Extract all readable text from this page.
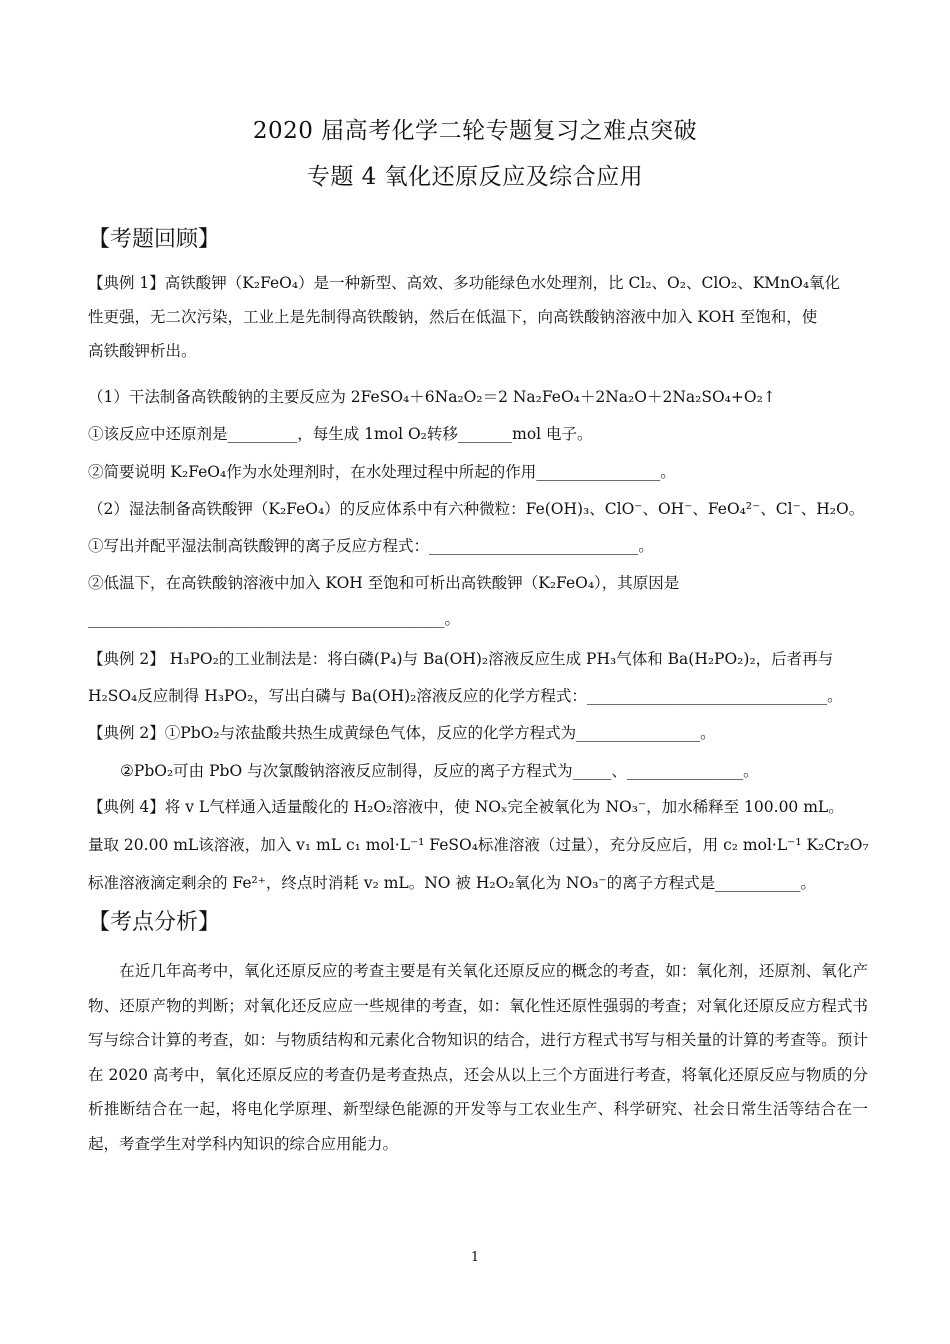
2020 届高考化学二轮专题复习之难点突破
专题 4 氧化还原反应及综合应用
【考题回顾】
【典例 1】高铁酸钾（K₂FeO₄）是一种新型、高效、多功能绿色水处理剂，比 Cl₂、O₂、ClO₂、KMnO₄氧化
性更强，无二次污染，工业上是先制得高铁酸钠，然后在低温下，向高铁酸钠溶液中加入 KOH 至饱和，使
高铁酸钾析出。
（1）干法制备高铁酸钠的主要反应为 2FeSO₄＋6Na₂O₂＝2 Na₂FeO₄＋2Na₂O＋2Na₂SO₄+O₂↑
①该反应中还原剂是_________，每生成 1mol O₂转移_______mol 电子。
②简要说明 K₂FeO₄作为水处理剂时，在水处理过程中所起的作用________________。
（2）湿法制备高铁酸钾（K₂FeO₄）的反应体系中有六种微粒：Fe(OH)₃、ClO⁻、OH⁻、FeO₄²⁻、Cl⁻、H₂O。
①写出并配平湿法制高铁酸钾的离子反应方程式：___________________________。
②低温下，在高铁酸钠溶液中加入 KOH 至饱和可析出高铁酸钾（K₂FeO₄），其原因是
______________________________________________。
【典例 2】 H₃PO₂的工业制法是：将白磷(P₄)与 Ba(OH)₂溶液反应生成 PH₃气体和 Ba(H₂PO₂)₂，后者再与
H₂SO₄反应制得 H₃PO₂，写出白磷与 Ba(OH)₂溶液反应的化学方程式：_______________________________。
【典例 2】①PbO₂与浓盐酸共热生成黄绿色气体，反应的化学方程式为________________。
②PbO₂可由 PbO 与次氯酸钠溶液反应制得，反应的离子方程式为_____、_______________。
【典例 4】将 v L气样通入适量酸化的 H₂O₂溶液中，使 NOₓ完全被氧化为 NO₃⁻，加水稀释至 100.00 mL。
量取 20.00 mL该溶液，加入 v₁ mL c₁ mol·L⁻¹ FeSO₄标准溶液（过量），充分反应后，用 c₂ mol·L⁻¹ K₂Cr₂O₇
标准溶液滴定剩余的 Fe²⁺，终点时消耗 v₂ mL。NO 被 H₂O₂氧化为 NO₃⁻的离子方程式是___________。
【考点分析】
在近几年高考中，氧化还原反应的考查主要是有关氧化还原反应的概念的考查，如：氧化剂，还原剂、氧化产物、还原产物的判断；对氧化还反应应一些规律的考查，如：氧化性还原性强弱的考查；对氧化还原反应方程式书写与综合计算的考查，如：与物质结构和元素化合物知识的结合，进行方程式书写与相关量的计算的考查等。预计在 2020 高考中，氧化还原反应的考查仍是考查热点，还会从以上三个方面进行考查，将氧化还原反应与物质的分析推断结合在一起，将电化学原理、新型绿色能源的开发等与工农业生产、科学研究、社会日常生活等结合在一起，考查学生对学科内知识的综合应用能力。
1
